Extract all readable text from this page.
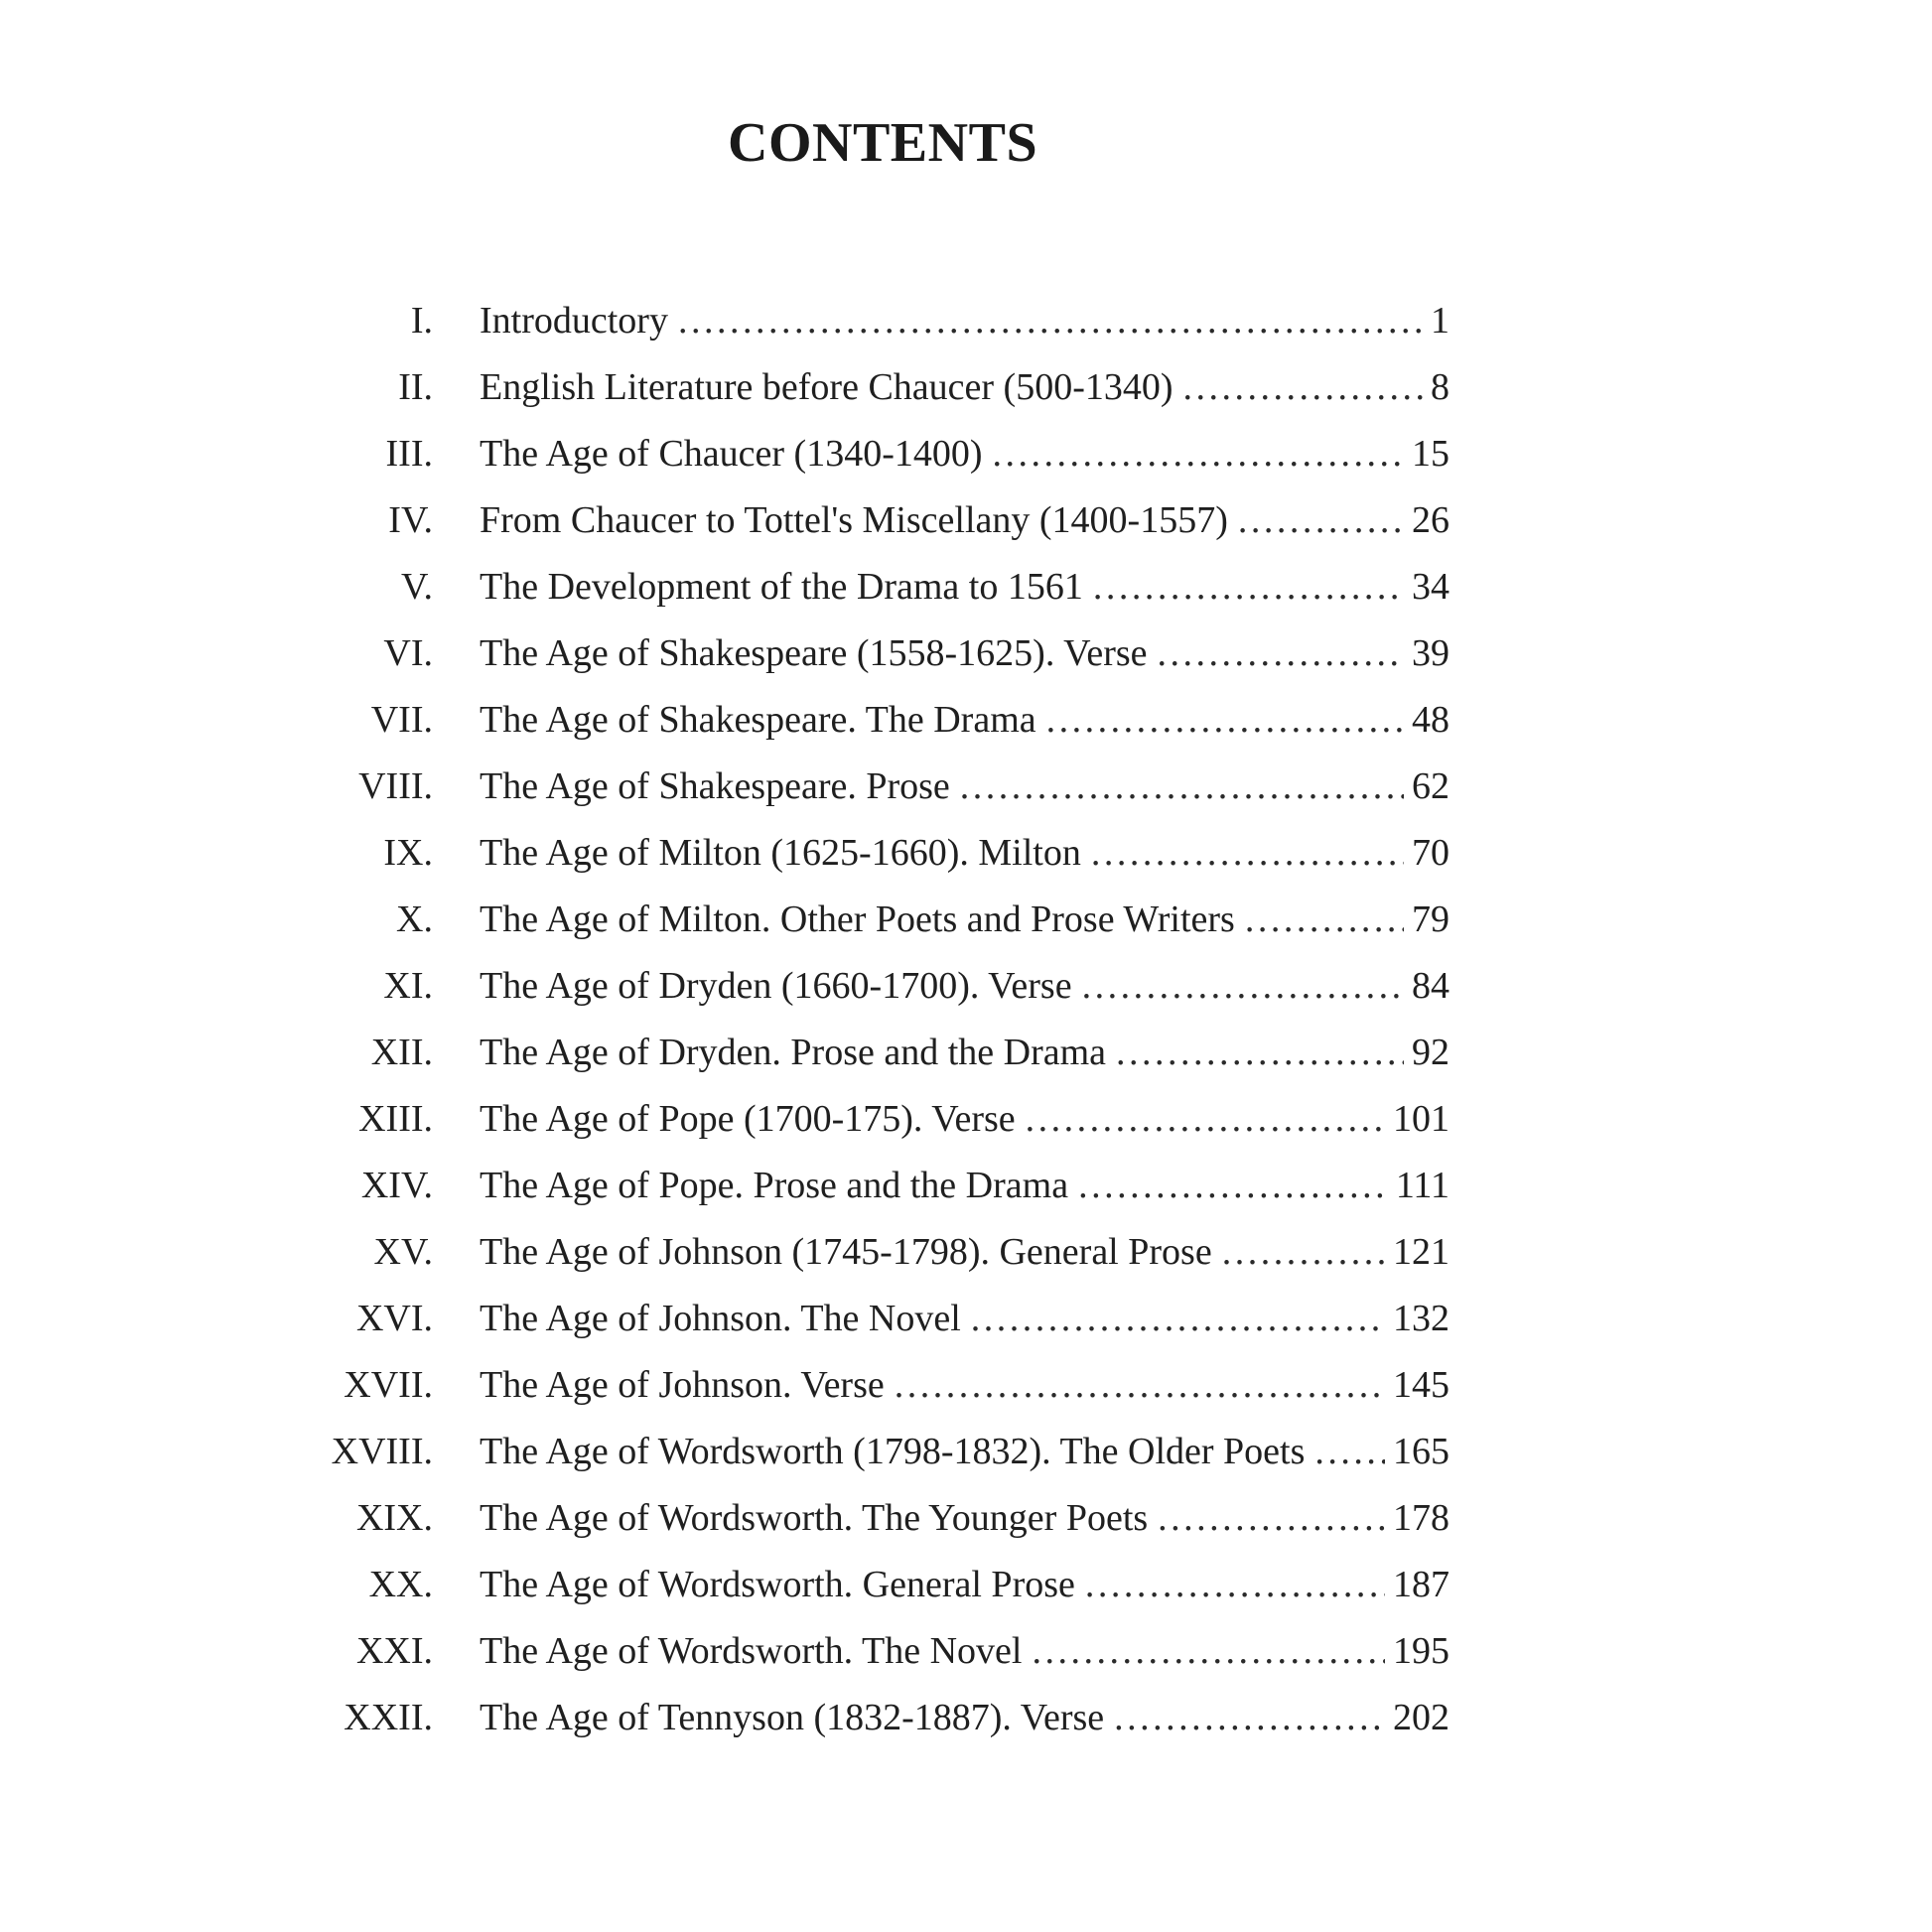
CONTENTS
I. Introductory . . .	1
II. English Literature before Chaucer (500-1340) . . .	8
III. The Age of Chaucer (1340-1400) . . .	15
IV. From Chaucer to Tottel's Miscellany (1400-1557) . . .	26
V. The Development of the Drama to 1561 . . .	34
VI. The Age of Shakespeare (1558-1625). Verse . . .	39
VII. The Age of Shakespeare. The Drama . . .	48
VIII. The Age of Shakespeare. Prose . . .	62
IX. The Age of Milton (1625-1660). Milton . . .	70
X. The Age of Milton. Other Poets and Prose Writers . . .	79
XI. The Age of Dryden (1660-1700). Verse . . .	84
XII. The Age of Dryden. Prose and the Drama . . .	92
XIII. The Age of Pope (1700-175). Verse . . .	101
XIV. The Age of Pope. Prose and the Drama . . .	111
XV. The Age of Johnson (1745-1798). General Prose . . .	121
XVI. The Age of Johnson. The Novel . . .	132
XVII. The Age of Johnson. Verse . . .	145
XVIII. The Age of Wordsworth (1798-1832). The Older Poets . . . 165
XIX. The Age of Wordsworth. The Younger Poets . . .	178
XX. The Age of Wordsworth. General Prose . . .	187
XXI. The Age of Wordsworth. The Novel . . .	195
XXII. The Age of Tennyson (1832-1887). Verse . . .	202
